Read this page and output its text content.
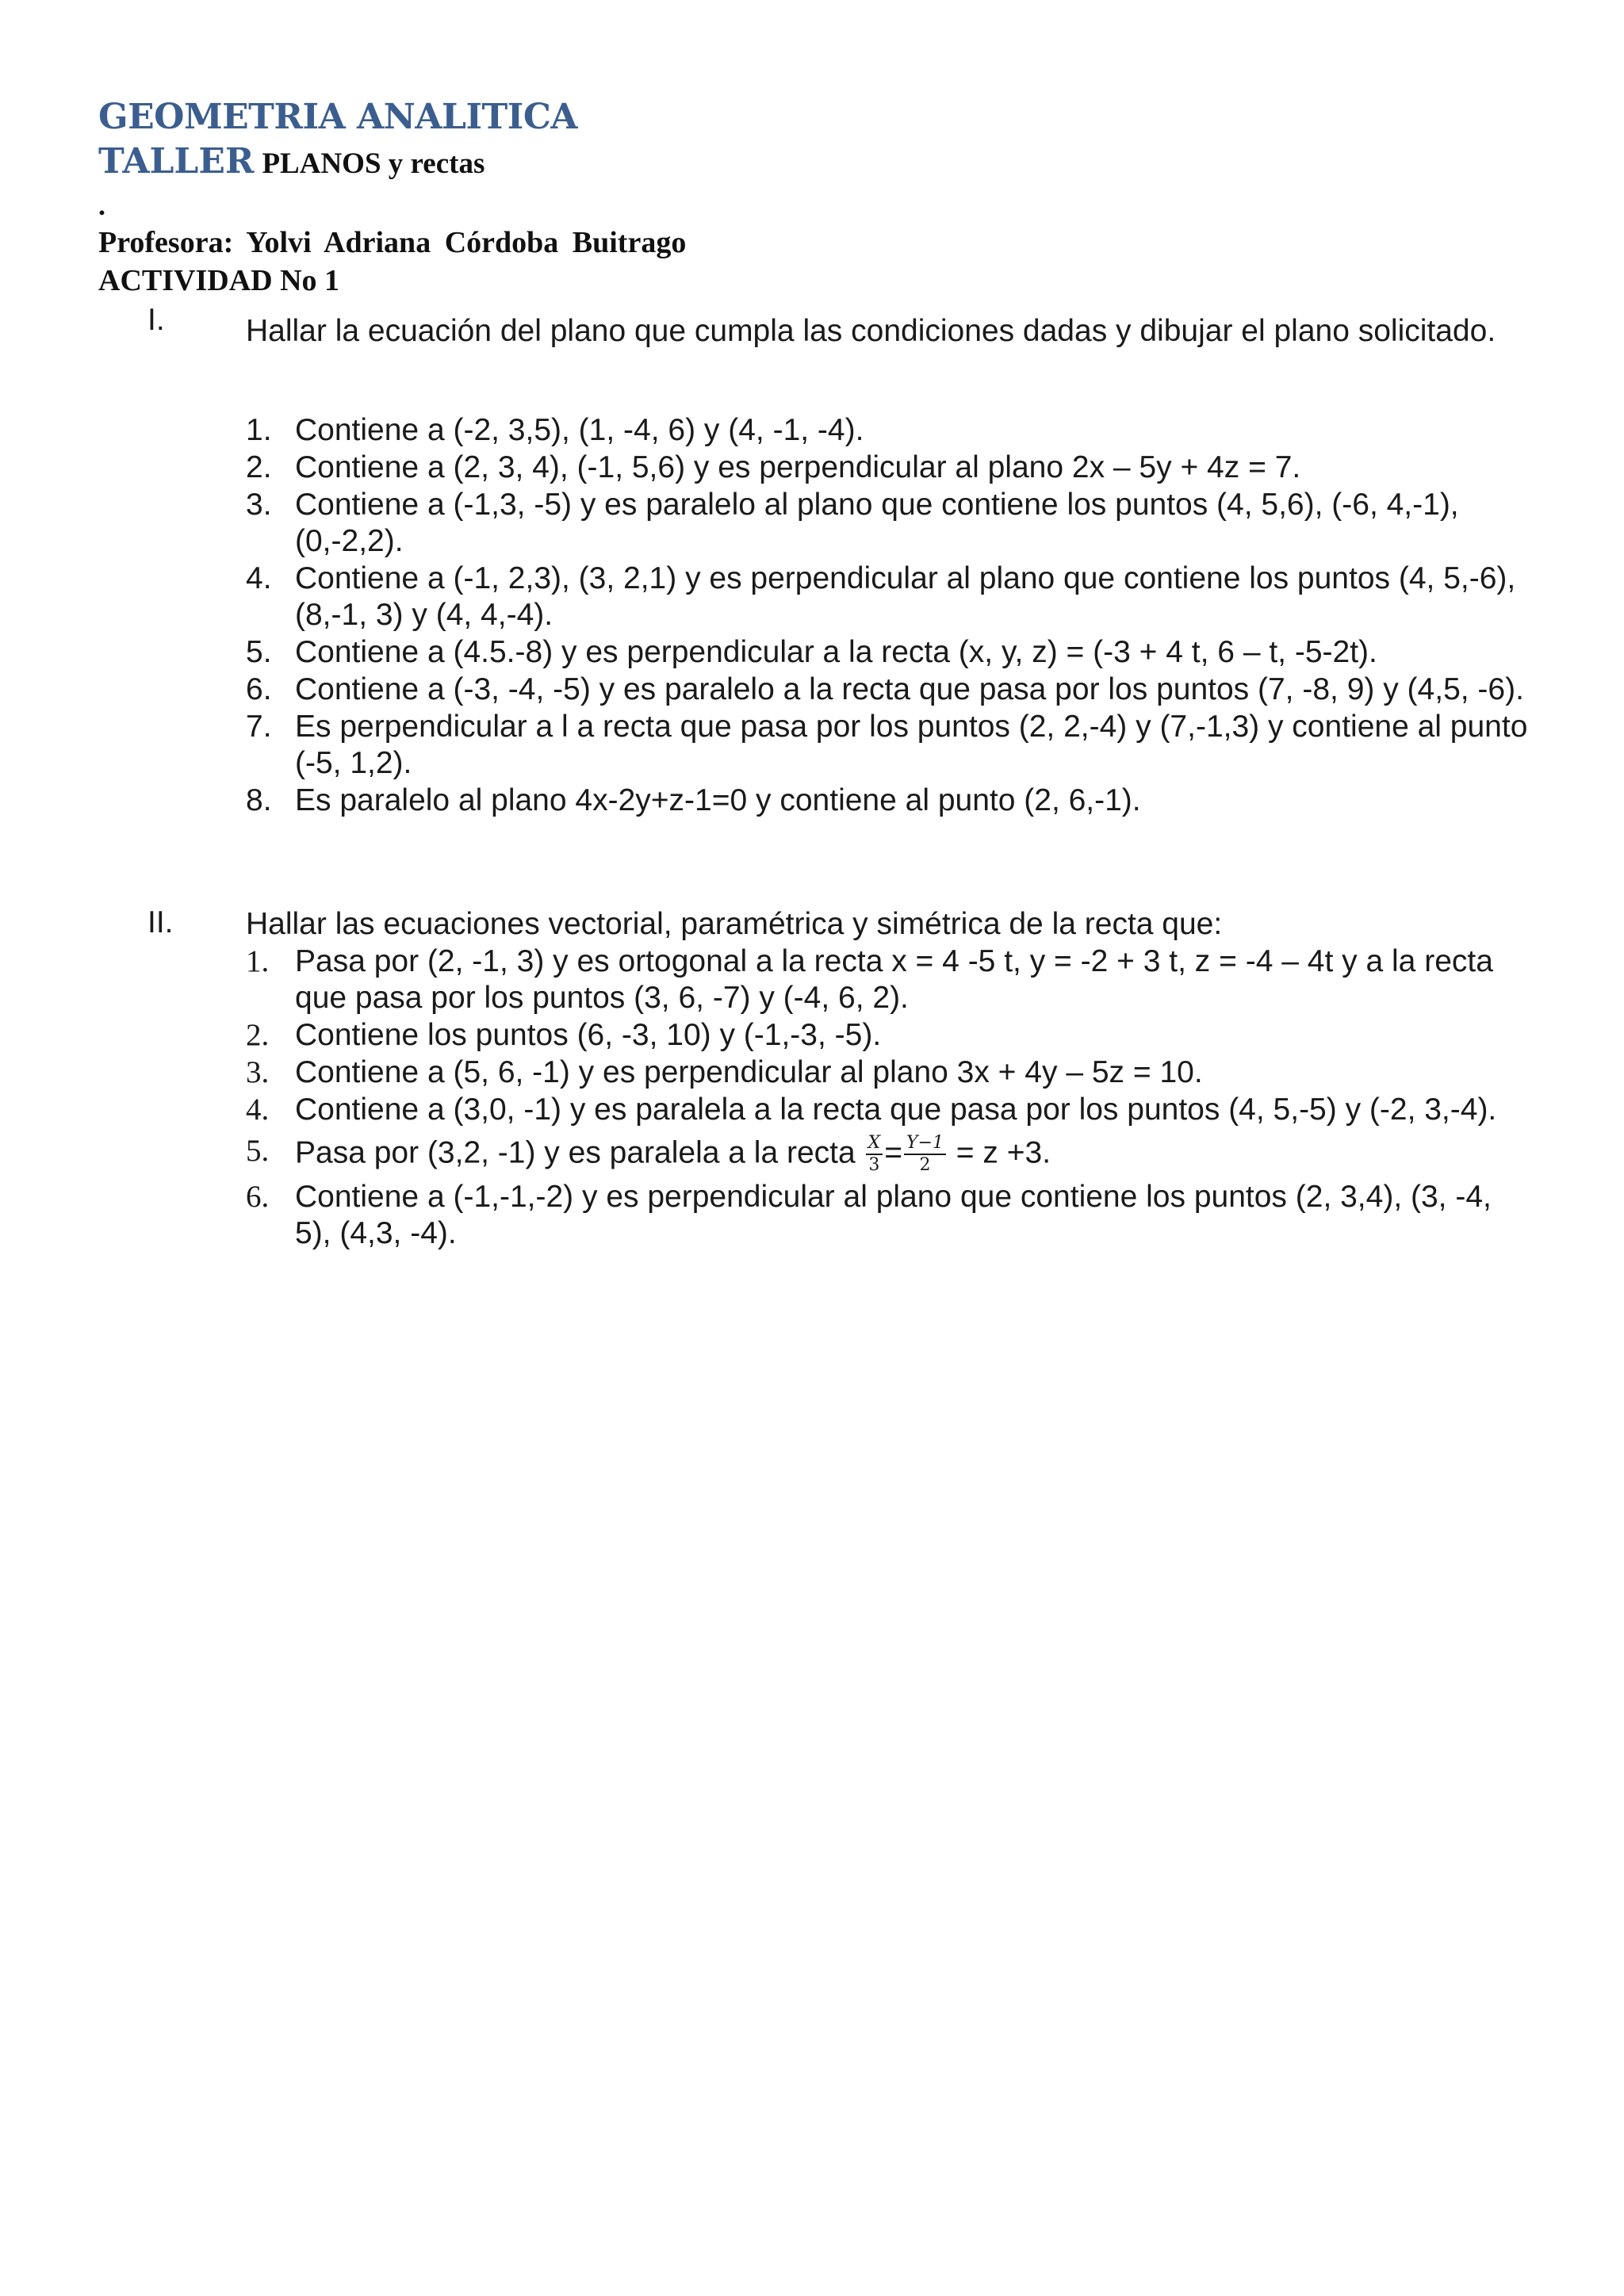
GEOMETRIA ANALITICA
TALLER PLANOS y rectas
.
Profesora: Yolvi Adriana Córdoba Buitrago
ACTIVIDAD No 1
I.	Hallar la ecuación del plano que cumpla las condiciones dadas y dibujar el plano solicitado.
1. Contiene a (-2, 3,5), (1, -4, 6) y (4, -1, -4).
2. Contiene a (2, 3, 4), (-1, 5,6) y es perpendicular al plano 2x – 5y + 4z = 7.
3. Contiene a (-1,3, -5) y es paralelo al plano que contiene los puntos (4, 5,6), (-6, 4,-1), (0,-2,2).
4. Contiene a (-1, 2,3), (3, 2,1) y es perpendicular al plano que contiene los puntos (4, 5,-6), (8,-1, 3) y (4, 4,-4).
5. Contiene a (4.5.-8) y es perpendicular a la recta (x, y, z) = (-3 + 4 t, 6 – t, -5-2t).
6. Contiene a (-3, -4, -5) y es paralelo a la recta que pasa por los puntos (7, -8, 9) y (4,5, -6).
7. Es perpendicular a l a recta que pasa por los puntos (2, 2,-4) y (7,-1,3) y contiene al punto (-5, 1,2).
8. Es paralelo al plano 4x-2y+z-1=0 y contiene al punto (2, 6,-1).
II. Hallar las ecuaciones vectorial, paramétrica y simétrica de la recta que:
1. Pasa por (2, -1, 3) y es ortogonal a la recta x = 4 -5 t, y = -2 + 3 t, z = -4 – 4t y a la recta que pasa por los puntos (3, 6, -7) y (-4, 6, 2).
2. Contiene los puntos (6, -3, 10) y (-1,-3, -5).
3. Contiene a (5, 6, -1) y es perpendicular al plano 3x + 4y – 5z = 10.
4. Contiene a (3,0, -1) y es paralela a la recta que pasa por los puntos (4, 5,-5) y (-2, 3,-4).
5. Pasa por (3,2, -1) y es paralela a la recta $\frac{X}{3} = \frac{Y-1}{2} = z +3$.
6. Contiene a (-1,-1,-2) y es perpendicular al plano que contiene los puntos (2, 3,4), (3, -4, 5), (4,3, -4).
